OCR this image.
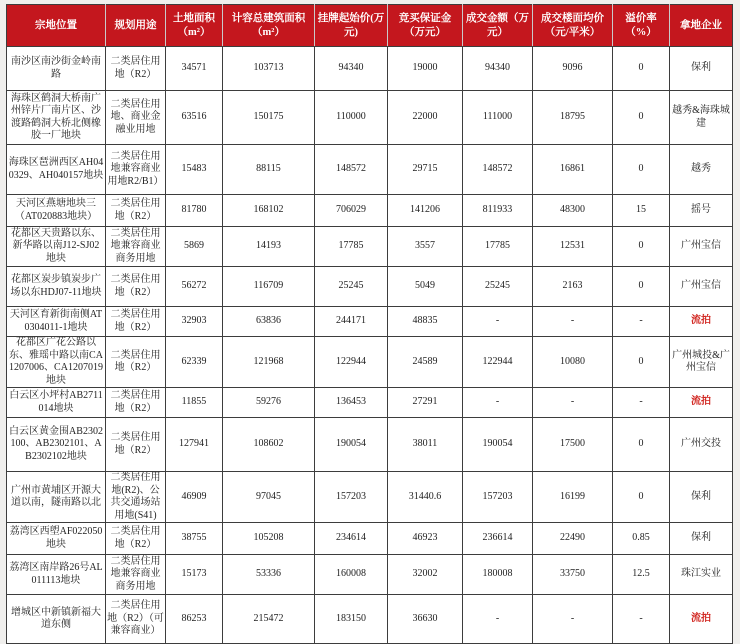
宗地位置	规划用途	土地面积（m²）	计容总建筑面积（m²）	挂牌起始价(万元)	竞买保证金（万元）	成交金额（万元）	成交楼面均价（元/平米）	溢价率（%）	拿地企业
南沙区南沙街金岭南路	二类居住用地（R2）	34571	103713	94340	19000	94340	9096	0	保利
海珠区鹤洞大桥南广州锌片厂南片区、沙渡路鹤洞大桥北侧橡胶一厂地块	二类居住用地、商业金融业用地	63516	150175	110000	22000	111000	18795	0	越秀&海珠城建
海珠区琶洲西区AH040329、AH040157地块	二类居住用地兼容商业用地R2/B1）	15483	88115	148572	29715	148572	16861	0	越秀
天河区燕塘地块三（AT020883地块）	二类居住用地（R2）	81780	168102	706029	141206	811933	48300	15	摇号
花都区天贵路以东、新华路以南J12-SJ02地块	二类居住用地兼容商业商务用地	5869	14193	17785	3557	17785	12531	0	广州宝信
花都区炭步镇炭步广场以东HDJ07-11地块	二类居住用地（R2）	56272	116709	25245	5049	25245	2163	0	广州宝信
天河区育新街南侧AT0304011-1地块	二类居住用地（R2）	32903	63836	244171	48835	-	-	-	流拍
花都区广花公路以东、雅瑶中路以南CA1207006、CA1207019地块	二类居住用地（R2）	62339	121968	122944	24589	122944	10080	0	广州城投&广州宝信
白云区小坪村AB2711014地块	二类居住用地（R2）	11855	59276	136453	27291	-	-	-	流拍
白云区黄金围AB2302100、AB2302101、AB2302102地块	二类居住用地（R2）	127941	108602	190054	38011	190054	17500	0	广州交投
广州市黄埔区开源大道以南，隧南路以北	二类居住用地(R2)、公共交通场站用地(S41)	46909	97045	157203	31440.6	157203	16199	0	保利
荔湾区西塱AF022050地块	二类居住用地（R2）	38755	105208	234614	46923	236614	22490	0.85	保利
荔湾区南岸路26号AL011113地块	二类居住用地兼容商业商务用地	15173	53336	160008	32002	180008	33750	12.5	珠江实业
增城区中新镇新福大道东侧	二类居住用地（R2）（可兼容商业）	86253	215472	183150	36630	-	-	-	流拍
